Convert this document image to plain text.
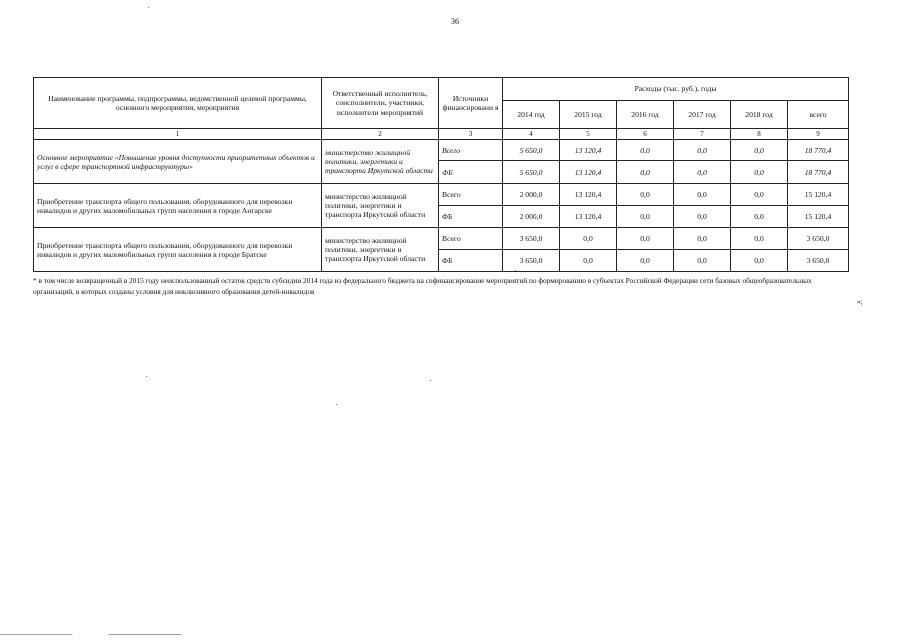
36
Наименование программы, подпрограммы, ведомственной целевой программы, основного мероприятия, мероприятия	Ответственный исполнитель, соисполнители, участники, исполнители мероприятий	Источники финансировани я	Расходы (тыс. руб.), годы					
			2014 год	2015 год	2016 год	2017 год	2018 год	всего
1	2	3	4	5	6	7	8	9
Основное мероприятие «Повышение уровня доступности приоритетных объектов и услуг в сфере транспортной инфраструктуры»	министерство жилищной политики, энергетики и транспорта Иркутской области	Всего	5 650,0	13 120,4	0,0	0,0	0,0	18 770,4
		ФБ	5 650,0	13 120,4	0,0	0,0	0,0	18 770,4
Приобретение транспорта общего пользования, оборудованного для перевозки инвалидов и других маломобильных групп населения в городе Ангарске	министерство жилищной политики, энергетики и транспорта Иркутской области	Всего	2 000,0	13 120,4	0,0	0,0	0,0	15 120,4
		ФБ	2 000,0	13 120,4	0,0	0,0	0,0	15 120,4
Приобретение транспорта общего пользования, оборудованного для перевозки инвалидов и других маломобильных групп населения в городе Братске	министерство жилищной политики, энергетики и транспорта Иркутской области	Всего	3 650,0	0,0	0,0	0,0	0,0	3 650,0
		ФБ	3 650,0	0,0	0,0	0,0	0,0	3 650,0
* в том числе возвращенный в 2015 году неиспользованный остаток средств субсидии 2014 года из федерального бюджета на софинансирование мероприятий по формированию в субъектах Российской Федерации сети базовых общеобразовательных организаций, в которых созданы условия для инклюзивного образования детей-инвалидов
»;
